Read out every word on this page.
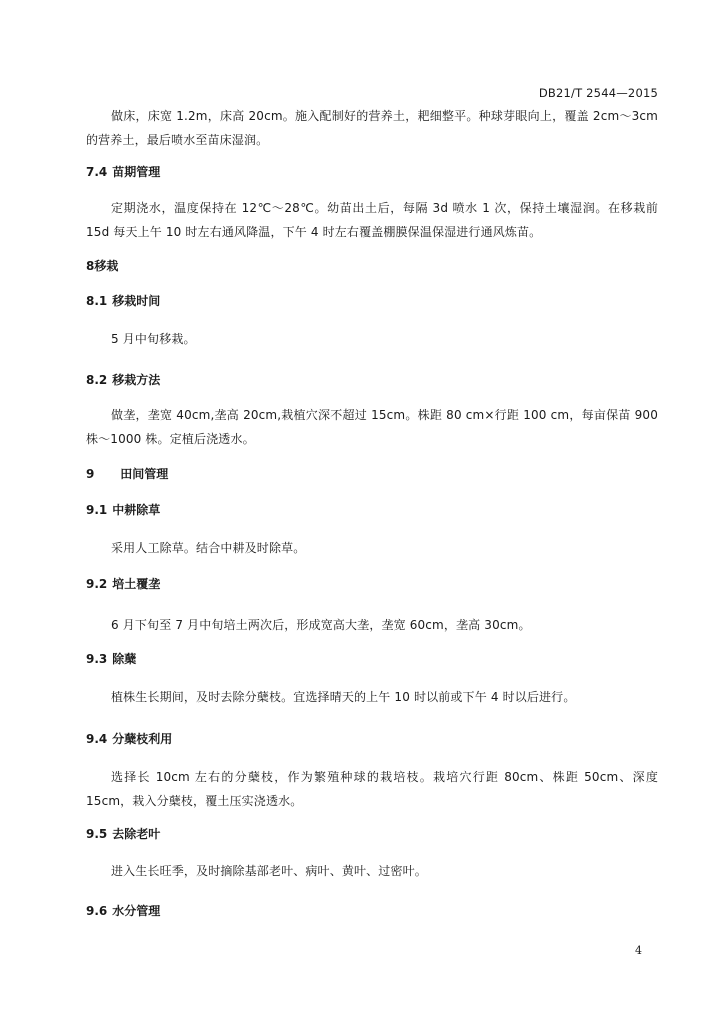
DB21/T 2544—2015
做床，床宽 1.2m，床高 20cm。施入配制好的营养土，耙细整平。种球芽眼向上，覆盖 2cm～3cm的营养土，最后喷水至苗床湿润。
7.4 苗期管理
定期浇水，温度保持在 12℃～28℃。幼苗出土后，每隔 3d 喷水 1 次，保持土壤湿润。在移栽前 15d 每天上午 10 时左右通风降温，下午 4 时左右覆盖棚膜保温保湿进行通风炼苗。
8移栽
8.1 移栽时间
5 月中旬移栽。
8.2 移栽方法
做垄，垄宽 40cm,垄高 20cm,栽植穴深不超过 15cm。株距 80 cm×行距 100 cm，每亩保苗 900 株～1000 株。定植后浇透水。
9 田间管理
9.1 中耕除草
采用人工除草。结合中耕及时除草。
9.2 培土覆垄
6 月下旬至 7 月中旬培土两次后，形成宽高大垄，垄宽 60cm，垄高 30cm。
9.3 除蘖
植株生长期间，及时去除分蘖枝。宜选择晴天的上午 10 时以前或下午 4 时以后进行。
9.4 分蘖枝利用
选择长 10cm 左右的分蘖枝，作为繁殖种球的栽培枝。栽培穴行距 80cm、株距 50cm、深度 15cm，栽入分蘖枝，覆土压实浇透水。
9.5 去除老叶
进入生长旺季，及时摘除基部老叶、病叶、黄叶、过密叶。
9.6 水分管理
4
